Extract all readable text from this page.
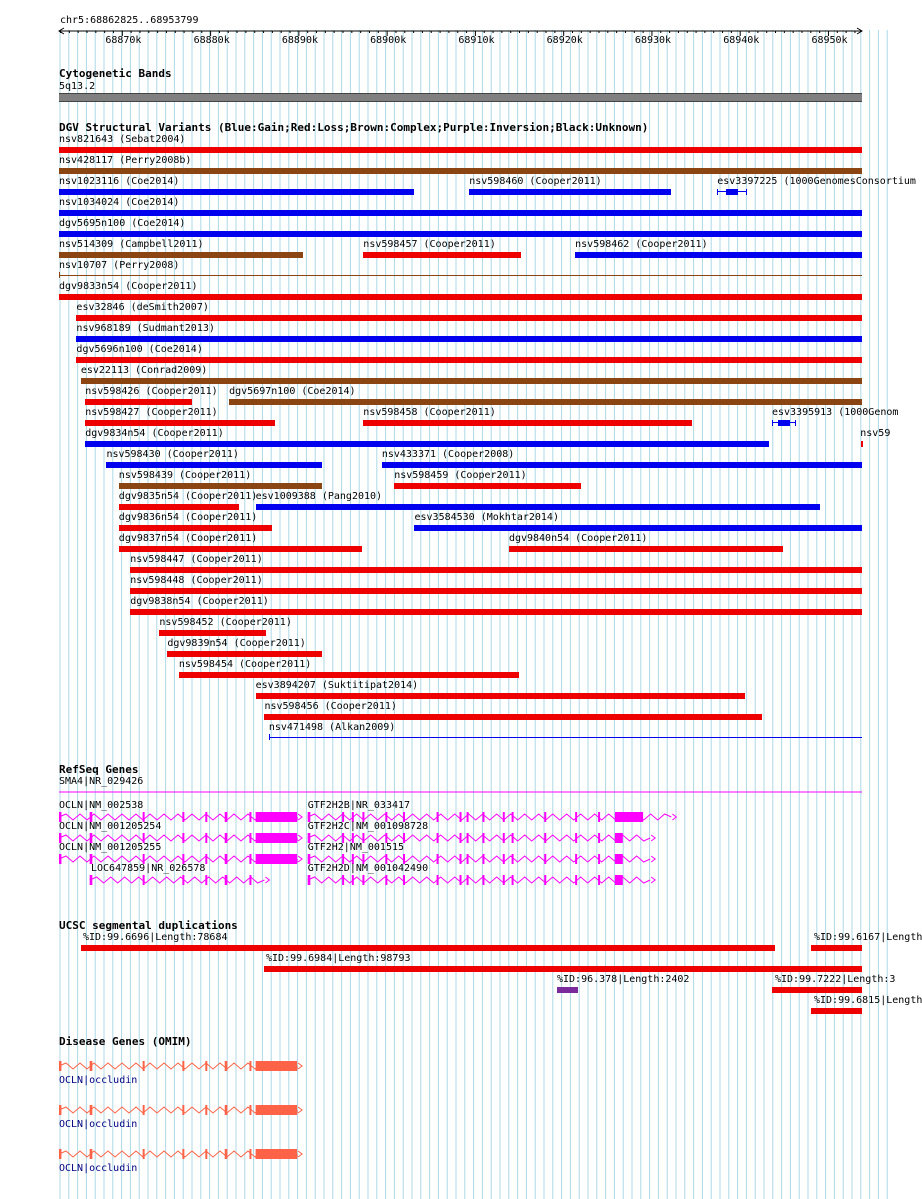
chr5:68862825..68953799
68870k	68880k	68890k	68900k	68910k	68920k	68930k	68940k	68950k
Cytogenetic Bands
5q13.2
DGV Structural Variants (Blue:Gain;Red:Loss;Brown:Complex;Purple:Inversion;Black:Unknown)
nsv821643 (Sebat2004)
nsv428117 (Perry2008b)
nsv1023116 (Coe2014)	nsv598460 (Cooper2011)	esv3397225 (1000GenomesConsortium
nsv1034024 (Coe2014)
dgv5695n100 (Coe2014)
nsv514309 (Campbell2011)	nsv598457 (Cooper2011)	nsv598462 (Cooper2011)
nsv10707 (Perry2008)
dgv9833n54 (Cooper2011)
esv32846 (deSmith2007)
nsv968189 (Sudmant2013)
dgv5696n100 (Coe2014)
esv22113 (Conrad2009)
nsv598426 (Cooper2011) dgv5697n100 (Coe2014)
nsv598427 (Cooper2011)	nsv598458 (Cooper2011)	esv3395913 (1000Genom
dgv9834n54 (Cooper2011)	nsv59
nsv598430 (Cooper2011)	nsv433371 (Cooper2008)
nsv598439 (Cooper2011)	nsv598459 (Cooper2011)
dgv9835n54 (Cooper2011)
esv1009388 (Pang2010)
dgv9836n54 (Cooper2011)	esv3584530 (Mokhtar2014)
dgv9837n54 (Cooper2011)	dgv9840n54 (Cooper2011)
nsv598447 (Cooper2011)
nsv598448 (Cooper2011)
dgv9838n54 (Cooper2011)
nsv598452 (Cooper2011)
dgv9839n54 (Cooper2011)
nsv598454 (Cooper2011)
esv3894207 (Suktitipat2014)
nsv598456 (Cooper2011)
nsv471498 (Alkan2009)
RefSeq Genes
SMA4|NR_029426
OCLN|NM_002538	GTF2H2B|NR_033417
OCLN|NM_001205254	GTF2H2C|NM_001098728
OCLN|NM_001205255	GTF2H2|NM_001515
LOC647859|NR_026578	GTF2H2D|NM_001042490
UCSC segmental duplications
%ID:99.6696|Length:78684	%ID:99.6167|Length
%ID:99.6984|Length:98793
%ID:96.378|Length:2402	%ID:99.7222|Length:3
%ID:99.6815|Length
Disease Genes (OMIM)
OCLN|occludin
OCLN|occludin
OCLN|occludin
